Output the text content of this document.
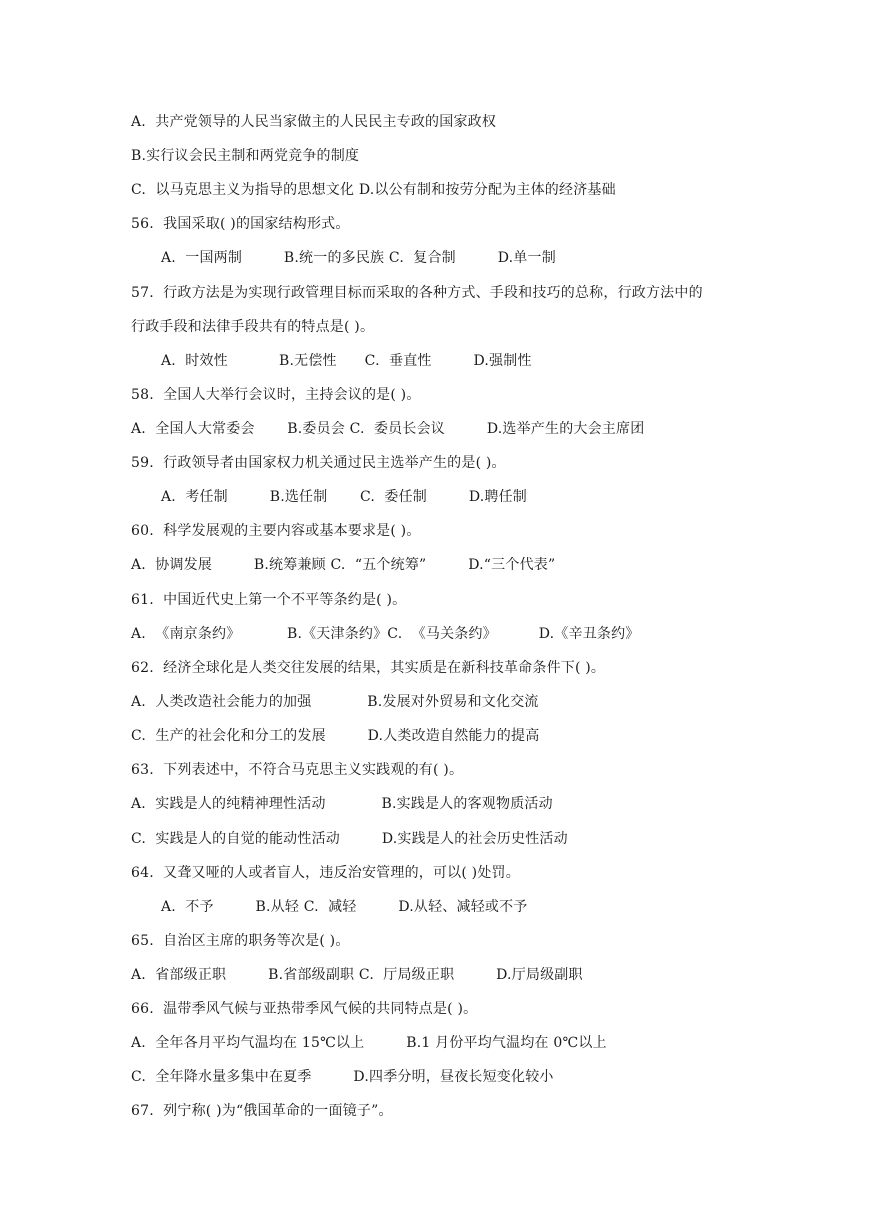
A.  共产党领导的人民当家做主的人民民主专政的国家政权
B.实行议会民主制和两党竞争的制度
C.  以马克思主义为指导的思想文化 D.以公有制和按劳分配为主体的经济基础
56.  我国采取( )的国家结构形式。
A.  一国两制         B.统一的多民族 C.  复合制         D.单一制
57.  行政方法是为实现行政管理目标而采取的各种方式、手段和技巧的总称，行政方法中的
行政手段和法律手段共有的特点是( )。
A.  时效性           B.无偿性      C.  垂直性         D.强制性
58.  全国人大举行会议时，主持会议的是( )。
A.  全国人大常委会       B.委员会 C.  委员长会议         D.选举产生的大会主席团
59.  行政领导者由国家权力机关通过民主选举产生的是( )。
A.  考任制         B.选任制       C.  委任制         D.聘任制
60.  科学发展观的主要内容或基本要求是( )。
A.  协调发展         B.统筹兼顾 C.  “五个统筹”         D.“三个代表”
61.  中国近代史上第一个不平等条约是( )。
A.  《南京条约》          B.《天津条约》C.  《马关条约》         D.《辛丑条约》
62.  经济全球化是人类交往发展的结果，其实质是在新科技革命条件下( )。
A.  人类改造社会能力的加强            B.发展对外贸易和文化交流
C.  生产的社会化和分工的发展         D.人类改造自然能力的提高
63.  下列表述中，不符合马克思主义实践观的有( )。
A.  实践是人的纯精神理性活动            B.实践是人的客观物质活动
C.  实践是人的自觉的能动性活动         D.实践是人的社会历史性活动
64.  又聋又哑的人或者盲人，违反治安管理的，可以( )处罚。
A.  不予         B.从轻 C.  减轻         D.从轻、减轻或不予
65.  自治区主席的职务等次是( )。
A.  省部级正职         B.省部级副职 C.  厅局级正职         D.厅局级副职
66.  温带季风气候与亚热带季风气候的共同特点是( )。
A.  全年各月平均气温均在 15℃以上         B.1 月份平均气温均在 0℃以上
C.  全年降水量多集中在夏季         D.四季分明，昼夜长短变化较小
67.  列宁称( )为“俄国革命的一面镜子”。
